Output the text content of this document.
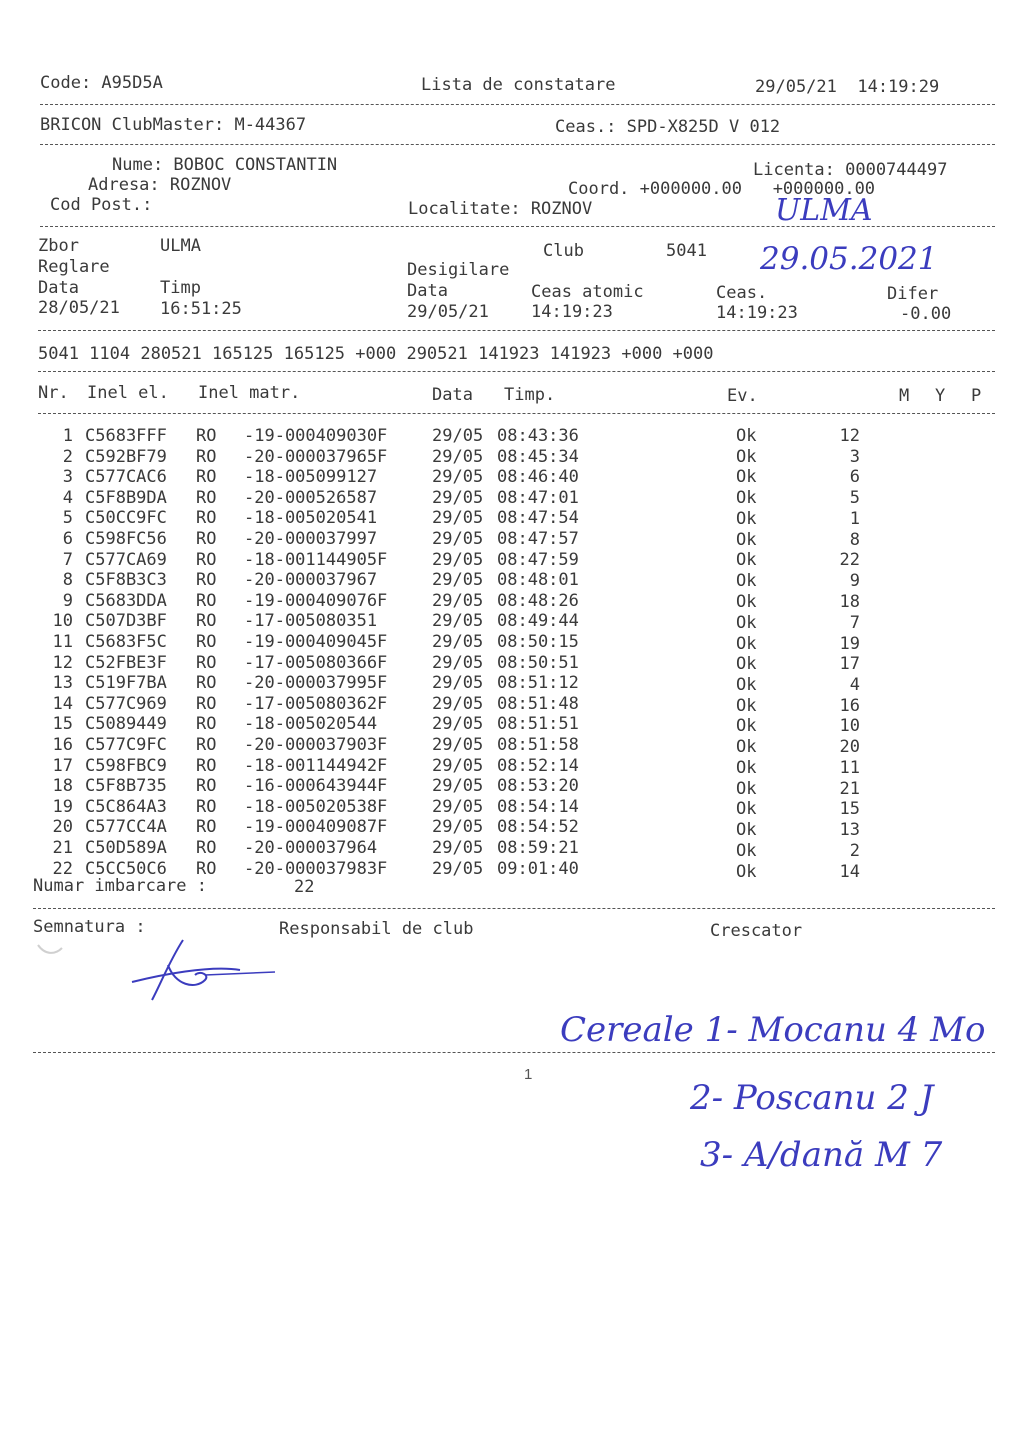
Code: A95D5A	Lista de constatare	29/05/21  14:19:29
BRICON ClubMaster: M-44367	Ceas.: SPD-X825D V 012
Nume: BOBOC CONSTANTIN	Licenta: 0000744497
Adresa: ROZNOV	Coord. +000000.00   +000000.00
Cod Post.:	Localitate: ROZNOV	ULMA
29.05.2021
Zbor	ULMA	Club	5041
Reglare	Desigilare
Data	Timp	Data	Ceas atomic	Ceas.	Difer
28/05/21 16:51:25	29/05/21 14:19:23	14:19:23	-0.00
5041 1104 280521 165125 165125 +000 290521 141923 141923 +000 +000
Nr. Inel el. Inel matr.	Data Timp.	Ev.	M Y P
1 C5683FFF RO -19-000409030F	29/05 08:43:36	Ok	12
2 C592BF79 RO -20-000037965F	29/05 08:45:34	Ok	3
3 C577CAC6 RO -18-005099127	29/05 08:46:40	Ok	6
4 C5F8B9DA RO -20-000526587	29/05 08:47:01	Ok	5
5 C50CC9FC RO -18-005020541	29/05 08:47:54	Ok	1
6 C598FC56 RO -20-000037997	29/05 08:47:57	Ok	8
7 C577CA69 RO -18-001144905F	29/05 08:47:59	Ok	22
8 C5F8B3C3 RO -20-000037967	29/05 08:48:01	Ok	9
9 C5683DDA RO -19-000409076F	29/05 08:48:26	Ok	18
10 C507D3BF RO -17-005080351	29/05 08:49:44	Ok	7
11 C5683F5C RO -19-000409045F	29/05 08:50:15	Ok	19
12 C52FBE3F RO -17-005080366F	29/05 08:50:51	Ok	17
13 C519F7BA RO -20-000037995F	29/05 08:51:12	Ok	4
14 C577C969 RO -17-005080362F	29/05 08:51:48	Ok	16
15 C5089449 RO -18-005020544	29/05 08:51:51	Ok	10
16 C577C9FC RO -20-000037903F	29/05 08:51:58	Ok	20
17 C598FBC9 RO -18-001144942F	29/05 08:52:14	Ok	11
18 C5F8B735 RO -16-000643944F	29/05 08:53:20	Ok	21
19 C5C864A3 RO -18-005020538F	29/05 08:54:14	Ok	15
20 C577CC4A RO -19-000409087F	29/05 08:54:52	Ok	13
21 C50D589A RO -20-000037964	29/05 08:59:21	Ok	2
22 C5CC50C6 RO -20-000037983F	29/05 09:01:40	Ok	14
Numar imbarcare :	22
Semnatura :	Responsabil de club	Crescator
1
Cereale 1- Mocanu 4 Mo
2- Poscanu 2 J
3- A/dană M 7
